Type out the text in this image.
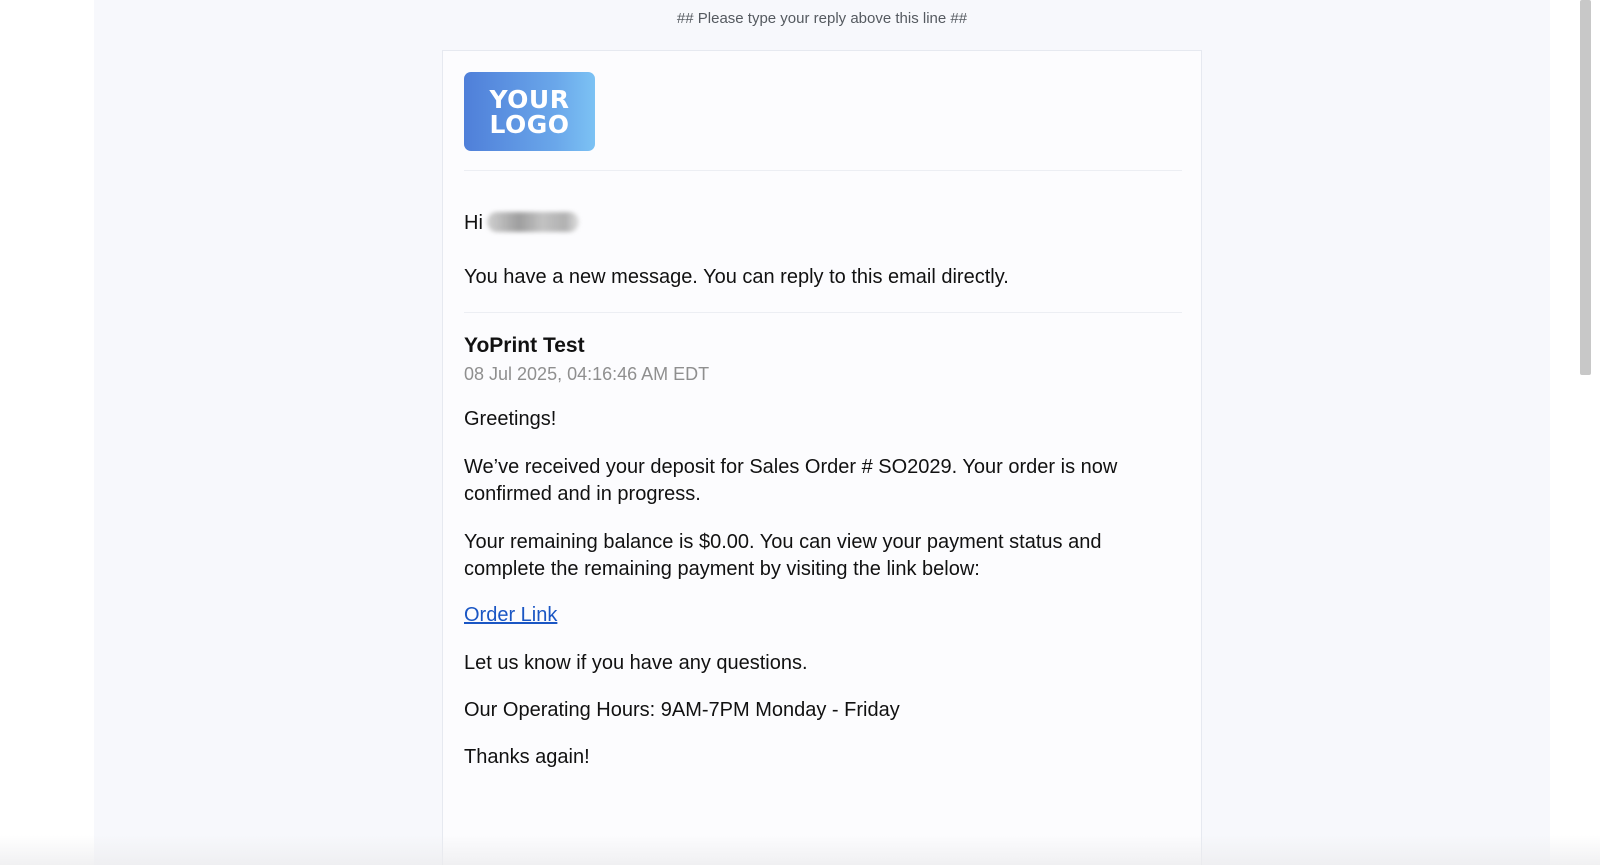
## Please type your reply above this line ##
YOUR
LOGO
Hi
You have a new message. You can reply to this email directly.
YoPrint Test
08 Jul 2025, 04:16:46 AM EDT
Greetings!
We’ve received your deposit for Sales Order # SO2029. Your order is now confirmed and in progress.
Your remaining balance is $0.00. You can view your payment status and complete the remaining payment by visiting the link below:
Order Link
Let us know if you have any questions.
Our Operating Hours: 9AM-7PM Monday - Friday
Thanks again!
